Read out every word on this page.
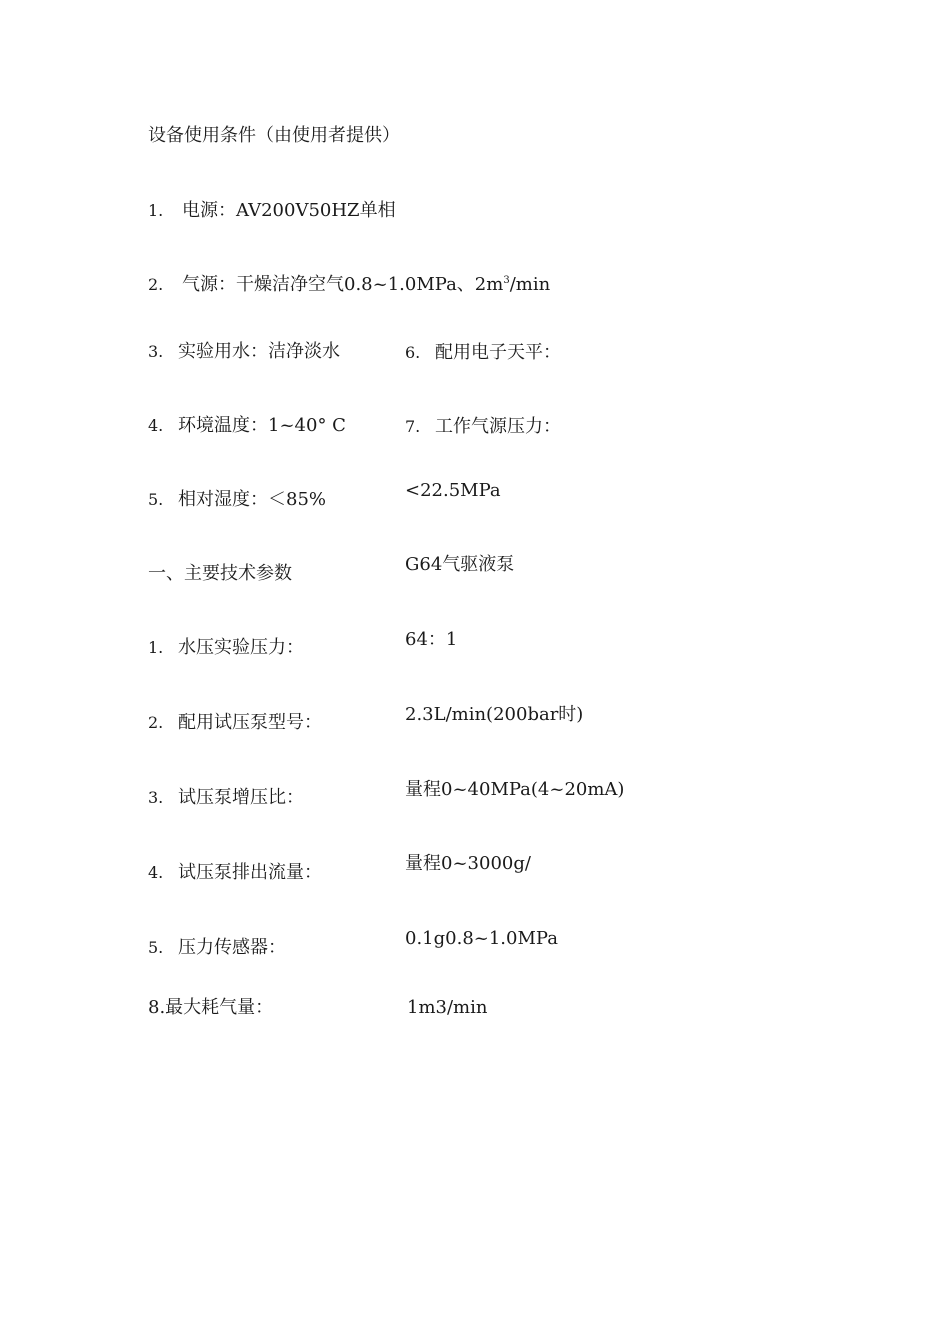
设备使用条件（由使用者提供）
1. 电源：AV200V50HZ单相
2. 气源：干燥洁净空气0.8~1.0MPa、$2m^3/\min$
3. 实验用水：洁净淡水
4. 环境温度：1~40° C
5. 相对湿度：＜85%
6. 配用电子天平：
7. 工作气源压力：
一、主要技术参数
1. 水压实验压力：
2. 配用试压泵型号：
3. 试压泵增压比：
4. 试压泵排出流量：
5. 压力传感器：
8.最大耗气量：
<22.5MPa
G64气驱液泵
64：1
2.3L/min(200bar时)
量程0~40MPa(4~20mA)
量程0~3000g/
0.1g0.8~1.0MPa
1m3/min
